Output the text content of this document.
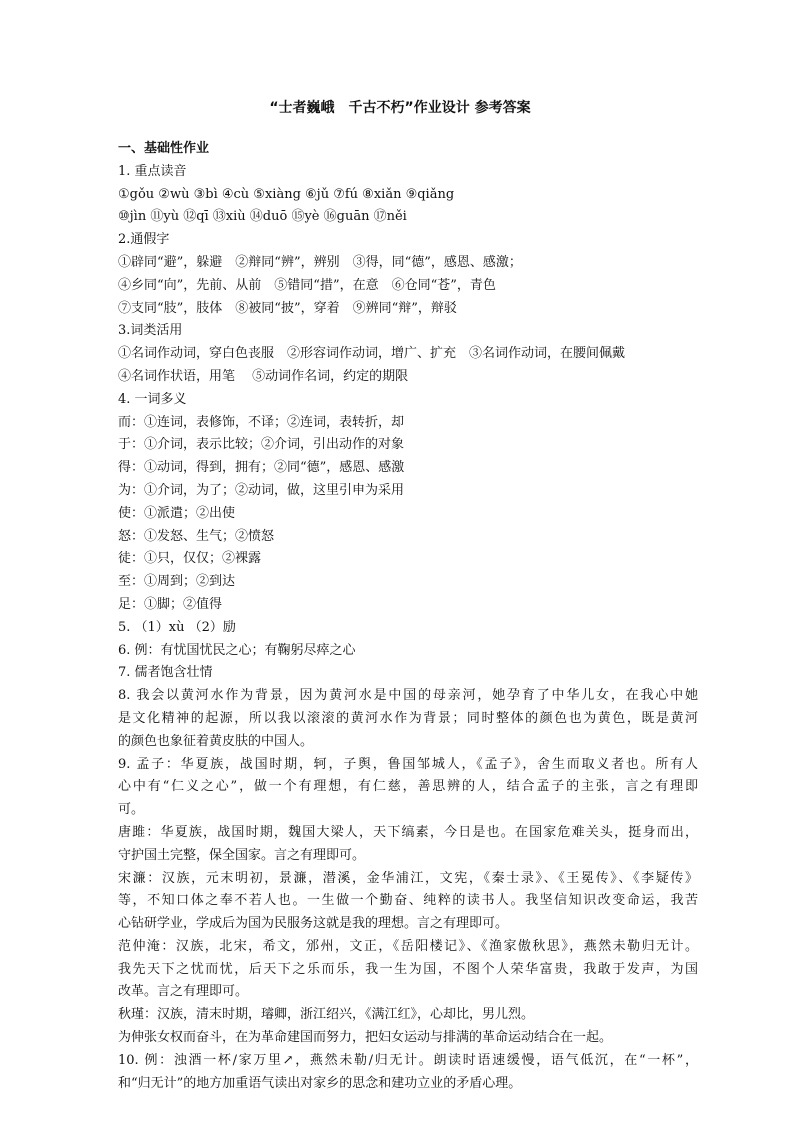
“士者巍峨　千古不朽”作业设计 参考答案
一、基础性作业
1. 重点读音
①gǒu ②wù ③bì ④cù ⑤xiàng ⑥jǔ ⑦fú ⑧xiǎn ⑨qiǎng
⑩jìn ⑪yù ⑫qī ⑬xiù ⑭duō ⑮yè ⑯guān ⑰něi
2.通假字
①辟同“避”，躲避　②辩同“辨”，辨别　③得，同“德”，感恩、感激；
④乡同“向”，先前、从前　⑤错同“措”，在意　⑥仓同“苍”，青色
⑦支同“肢”，肢体　⑧被同“披”，穿着　⑨辨同“辩”，辩驳
3.词类活用
①名词作动词，穿白色丧服　②形容词作动词，增广、扩充　③名词作动词，在腰间佩戴
④名词作状语，用笔　 ⑤动词作名词，约定的期限
4. 一词多义
而：①连词，表修饰，不译；②连词，表转折，却
于：①介词，表示比较；②介词，引出动作的对象
得：①动词，得到，拥有；②同“德”，感恩、感激
为：①介词，为了；②动词，做，这里引申为采用
使：①派遣；②出使
怒：①发怒、生气；②愤怒
徒：①只，仅仅；②裸露
至：①周到；②到达
足：①脚；②值得
5. （1）xù （2）励
6. 例：有忧国忧民之心；有鞠躬尽瘁之心
7. 儒者饱含壮情
8. 我会以黄河水作为背景，因为黄河水是中国的母亲河，她孕育了中华儿女，在我心中她
是文化精神的起源，所以我以滚滚的黄河水作为背景；同时整体的颜色也为黄色，既是黄河
的颜色也象征着黄皮肤的中国人。
9. 孟子：华夏族，战国时期，轲，子舆，鲁国邹城人，《孟子》，舍生而取义者也。所有人
心中有“仁义之心”，做一个有理想，有仁慈，善思辨的人，结合孟子的主张，言之有理即
可。
唐雎：华夏族，战国时期，魏国大梁人，天下缟素，今日是也。在国家危难关头，挺身而出，
守护国土完整，保全国家。言之有理即可。
宋濂：汉族，元末明初，景濂，潜溪，金华浦江，文宪，《秦士录》、《王冕传》、《李疑传》
等，不知口体之奉不若人也。一生做一个勤奋、纯粹的读书人。我坚信知识改变命运，我苦
心钻研学业，学成后为国为民服务这就是我的理想。言之有理即可。
范仲淹：汉族，北宋，希文，邠州，文正，《岳阳楼记》、《渔家傲秋思》，燕然未勒归无计。
我先天下之忧而忧，后天下之乐而乐，我一生为国，不图个人荣华富贵，我敢于发声，为国
改革。言之有理即可。
秋瑾：汉族，清末时期，璿卿，浙江绍兴，《满江红》，心却比，男儿烈。
为伸张女权而奋斗，在为革命建国而努力，把妇女运动与排满的革命运动结合在一起。
10. 例：浊酒一杯/家万里↗，燕然未勒/归无计。朗读时语速缓慢，语气低沉，在“一杯”，
和“归无计”的地方加重语气读出对家乡的思念和建功立业的矛盾心理。
